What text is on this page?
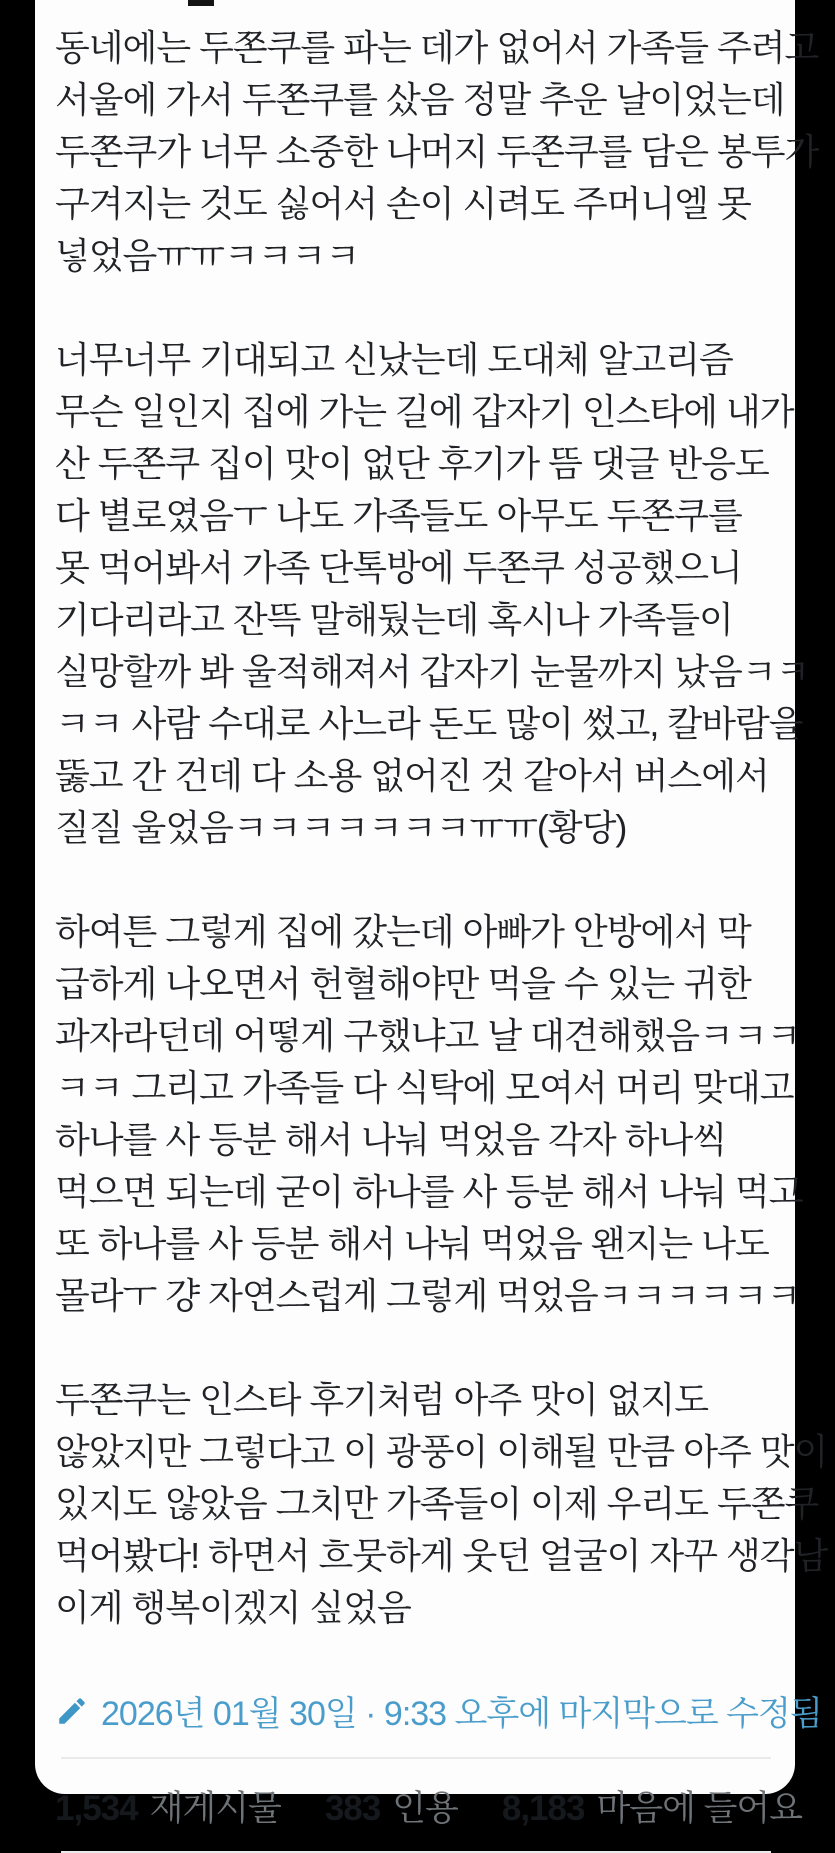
동네에는 두쫀쿠를 파는 데가 없어서 가족들 주려고
서울에 가서 두쫀쿠를 샀음 정말 추운 날이었는데
두쫀쿠가 너무 소중한 나머지 두쫀쿠를 담은 봉투가
구겨지는 것도 싫어서 손이 시려도 주머니엘 못
넣었음ㅠㅠㅋㅋㅋㅋ
너무너무 기대되고 신났는데 도대체 알고리즘
무슨 일인지 집에 가는 길에 갑자기 인스타에 내가
산 두쫀쿠 집이 맛이 없단 후기가 뜸 댓글 반응도
다 별로였음ㅜ 나도 가족들도 아무도 두쫀쿠를
못 먹어봐서 가족 단톡방에 두쫀쿠 성공했으니
기다리라고 잔뜩 말해뒀는데 혹시나 가족들이
실망할까 봐 울적해져서 갑자기 눈물까지 났음ㅋㅋ
ㅋㅋ 사람 수대로 사느라 돈도 많이 썼고, 칼바람을
뚫고 간 건데 다 소용 없어진 것 같아서 버스에서
질질 울었음ㅋㅋㅋㅋㅋㅋㅋㅠㅠ(황당)
하여튼 그렇게 집에 갔는데 아빠가 안방에서 막
급하게 나오면서 헌혈해야만 먹을 수 있는 귀한
과자라던데 어떻게 구했냐고 날 대견해했음ㅋㅋㅋ
ㅋㅋ 그리고 가족들 다 식탁에 모여서 머리 맞대고
하나를 사 등분 해서 나눠 먹었음 각자 하나씩
먹으면 되는데 굳이 하나를 사 등분 해서 나눠 먹고
또 하나를 사 등분 해서 나눠 먹었음 왠지는 나도
몰라ㅜ 걍 자연스럽게 그렇게 먹었음ㅋㅋㅋㅋㅋㅋ
두쫀쿠는 인스타 후기처럼 아주 맛이 없지도
않았지만 그렇다고 이 광풍이 이해될 만큼 아주 맛이
있지도 않았음 그치만 가족들이 이제 우리도 두쫀쿠
먹어봤다! 하면서 흐뭇하게 웃던 얼굴이 자꾸 생각남
이게 행복이겠지 싶었음
2026년 01월 30일 · 9:33 오후에 마지막으로 수정됨
1,534 재게시물 383 인용 8,183 마음에 들어요
